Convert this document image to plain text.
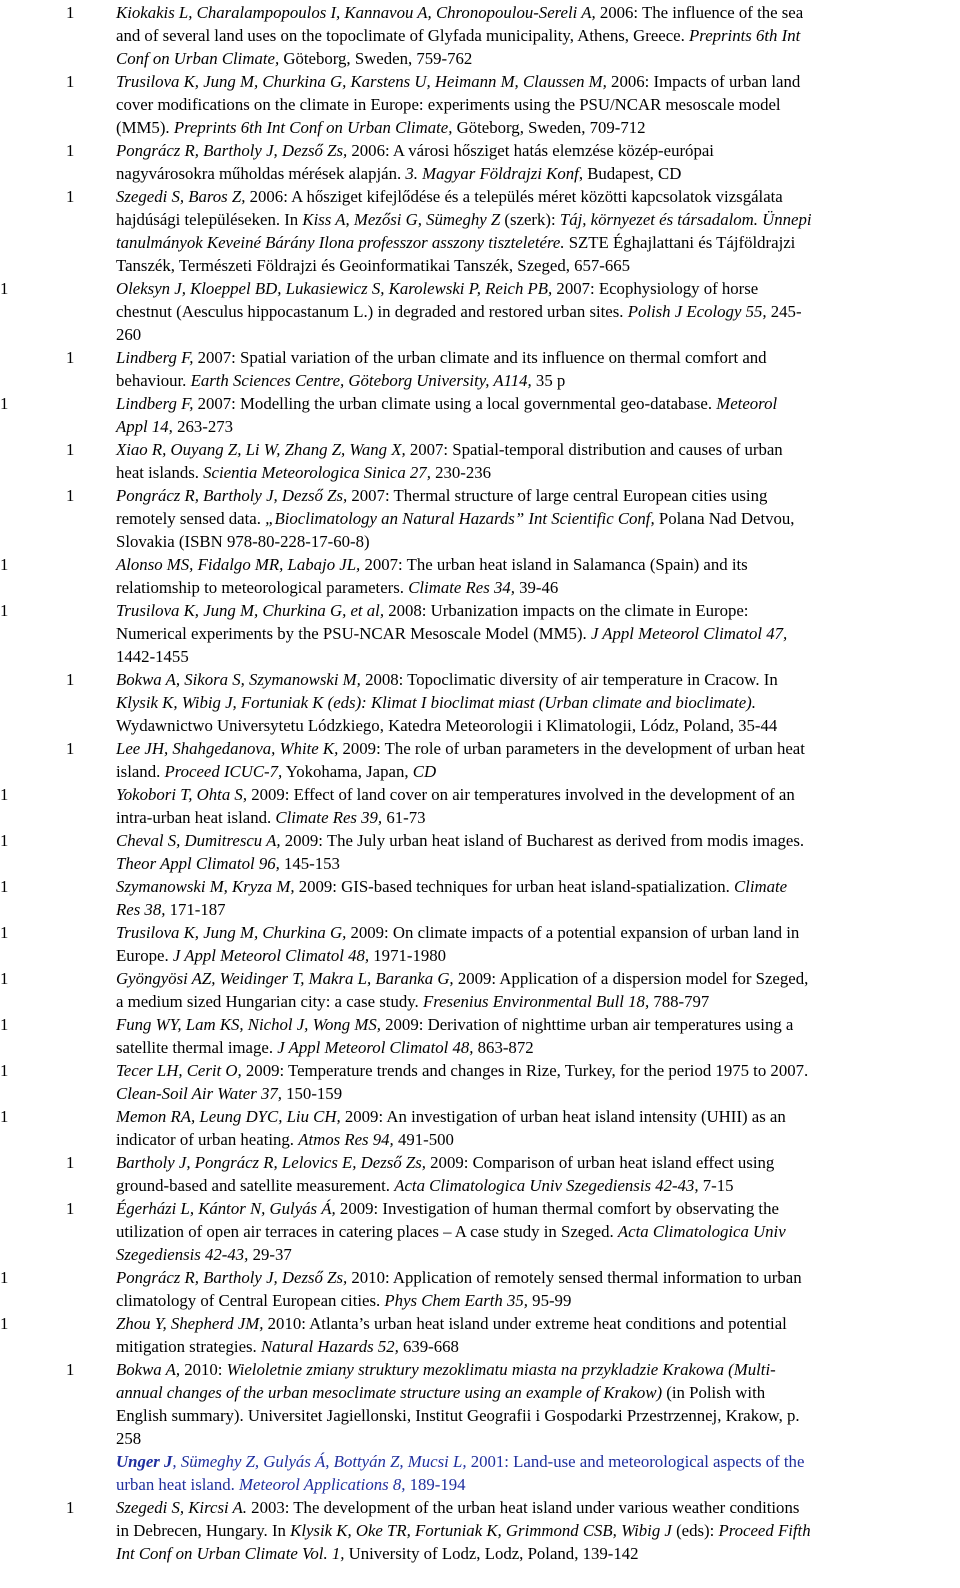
1 Kiokakis L, Charalampopoulos I, Kannavou A, Chronopoulou-Sereli A, 2006: The influence of the sea
and of several land uses on the topoclimate of Glyfada municipality, Athens, Greece. Preprints 6th Int
Conf on Urban Climate, Göteborg, Sweden, 759-762
1 Trusilova K, Jung M, Churkina G, Karstens U, Heimann M, Claussen M, 2006: Impacts of urban land
cover modifications on the climate in Europe: experiments using the PSU/NCAR mesoscale model
(MM5). Preprints 6th Int Conf on Urban Climate, Göteborg, Sweden, 709-712
1 Pongrácz R, Bartholy J, Dezső Zs, 2006: A városi hősziget hatás elemzése közép-európai
nagyvárosokra műholdas mérések alapján. 3. Magyar Földrajzi Konf, Budapest, CD
1 Szegedi S, Baros Z, 2006: A hősziget kifejlődése és a település méret közötti kapcsolatok vizsgálata
hajdúsági településeken. In Kiss A, Mezősi G, Sümeghy Z (szerk): Táj, környezet és társadalom. Ünnepi
tanulmányok Keveiné Bárány Ilona professzor asszony tiszteletére. SZTE Éghajlattani és Tájföldrajzi
Tanszék, Természeti Földrajzi és Geoinformatikai Tanszék, Szeged, 657-665
1	Oleksyn J, Kloeppel BD, Lukasiewicz S, Karolewski P, Reich PB, 2007: Ecophysiology of horse
chestnut (Aesculus hippocastanum L.) in degraded and restored urban sites. Polish J Ecology 55, 245-
260
1 Lindberg F, 2007: Spatial variation of the urban climate and its influence on thermal comfort and
behaviour. Earth Sciences Centre, Göteborg University, A114, 35 p
1	Lindberg F, 2007: Modelling the urban climate using a local governmental geo-database. Meteorol
Appl 14, 263-273
1 Xiao R, Ouyang Z, Li W, Zhang Z, Wang X, 2007: Spatial-temporal distribution and causes of urban
heat islands. Scientia Meteorologica Sinica 27, 230-236
1 Pongrácz R, Bartholy J, Dezső Zs, 2007: Thermal structure of large central European cities using
remotely sensed data. „Bioclimatology an Natural Hazards” Int Scientific Conf, Polana Nad Detvou,
Slovakia (ISBN 978-80-228-17-60-8)
1	Alonso MS, Fidalgo MR, Labajo JL, 2007: The urban heat island in Salamanca (Spain) and its
relatiomship to meteorological parameters. Climate Res 34, 39-46
1	Trusilova K, Jung M, Churkina G, et al, 2008: Urbanization impacts on the climate in Europe:
Numerical experiments by the PSU-NCAR Mesoscale Model (MM5). J Appl Meteorol Climatol 47,
1442-1455
1 Bokwa A, Sikora S, Szymanowski M, 2008: Topoclimatic diversity of air temperature in Cracow. In
Klysik K, Wibig J, Fortuniak K (eds): Klimat I bioclimat miast (Urban climate and bioclimate).
Wydawnictwo Universytetu Lódzkiego, Katedra Meteorologii i Klimatologii, Lódz, Poland, 35-44
1 Lee JH, Shahgedanova, White K, 2009: The role of urban parameters in the development of urban heat
island. Proceed ICUC-7, Yokohama, Japan, CD
1	Yokobori T, Ohta S, 2009: Effect of land cover on air temperatures involved in the development of an
intra-urban heat island. Climate Res 39, 61-73
1	Cheval S, Dumitrescu A, 2009: The July urban heat island of Bucharest as derived from modis images.
Theor Appl Climatol 96, 145-153
1	Szymanowski M, Kryza M, 2009: GIS-based techniques for urban heat island-spatialization. Climate
Res 38, 171-187
1	Trusilova K, Jung M, Churkina G, 2009: On climate impacts of a potential expansion of urban land in
Europe. J Appl Meteorol Climatol 48, 1971-1980
1	Gyöngyösi AZ, Weidinger T, Makra L, Baranka G, 2009: Application of a dispersion model for Szeged,
a medium sized Hungarian city: a case study. Fresenius Environmental Bull 18, 788-797
1	Fung WY, Lam KS, Nichol J, Wong MS, 2009: Derivation of nighttime urban air temperatures using a
satellite thermal image. J Appl Meteorol Climatol 48, 863-872
1	Tecer LH, Cerit O, 2009: Temperature trends and changes in Rize, Turkey, for the period 1975 to 2007.
Clean-Soil Air Water 37, 150-159
1	Memon RA, Leung DYC, Liu CH, 2009: An investigation of urban heat island intensity (UHII) as an
indicator of urban heating. Atmos Res 94, 491-500
1 Bartholy J, Pongrácz R, Lelovics E, Dezső Zs, 2009: Comparison of urban heat island effect using
ground-based and satellite measurement. Acta Climatologica Univ Szegediensis 42-43, 7-15
1 Égerházi L, Kántor N, Gulyás Á, 2009: Investigation of human thermal comfort by observating the
utilization of open air terraces in catering places – A case study in Szeged. Acta Climatologica Univ
Szegediensis 42-43, 29-37
1	Pongrácz R, Bartholy J, Dezső Zs, 2010: Application of remotely sensed thermal information to urban
climatology of Central European cities. Phys Chem Earth 35, 95-99
1	Zhou Y, Shepherd JM, 2010: Atlanta’s urban heat island under extreme heat conditions and potential
mitigation strategies. Natural Hazards 52, 639-668
1 Bokwa A, 2010: Wieloletnie zmiany struktury mezoklimatu miasta na przykladzie Krakowa (Multi-
annual changes of the urban mesoclimate structure using an example of Krakow) (in Polish with
English summary). Universitet Jagiellonski, Institut Geografii i Gospodarki Przestrzennej, Krakow, p.
258
Unger J, Sümeghy Z, Gulyás Á, Bottyán Z, Mucsi L, 2001: Land-use and meteorological aspects of the
urban heat island. Meteorol Applications 8, 189-194
1 Szegedi S, Kircsi A. 2003: The development of the urban heat island under various weather conditions
in Debrecen, Hungary. In Klysik K, Oke TR, Fortuniak K, Grimmond CSB, Wibig J (eds): Proceed Fifth
Int Conf on Urban Climate Vol. 1, University of Lodz, Lodz, Poland, 139-142
